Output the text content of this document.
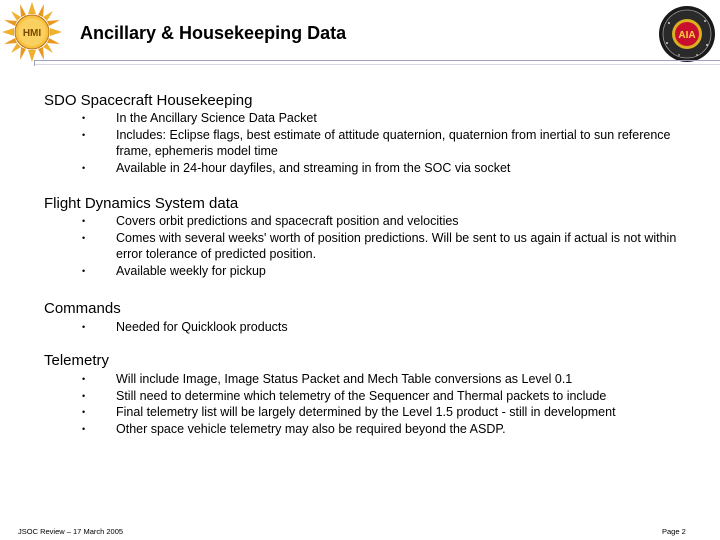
HMI	AIA
Ancillary & Housekeeping Data
SDO Spacecraft Housekeeping
• In the Ancillary Science Data Packet
• Includes: Eclipse flags, best estimate of attitude quaternion, quaternion from inertial to sun reference frame, ephemeris model time
• Available in 24-hour dayfiles, and streaming in from the SOC via socket
Flight Dynamics System data
• Covers orbit predictions and spacecraft position and velocities
• Comes with several weeks' worth of position predictions. Will be sent to us again if actual is not within error tolerance of predicted position.
• Available weekly for pickup
Commands
• Needed for Quicklook products
Telemetry
• Will include Image, Image Status Packet and Mech Table conversions as Level 0.1
• Still need to determine which telemetry of the Sequencer and Thermal packets to include
• Final telemetry list will be largely determined by the Level 1.5 product - still in development
• Other space vehicle telemetry may also be required beyond the ASDP.
JSOC Review – 17 March 2005	Page 2
